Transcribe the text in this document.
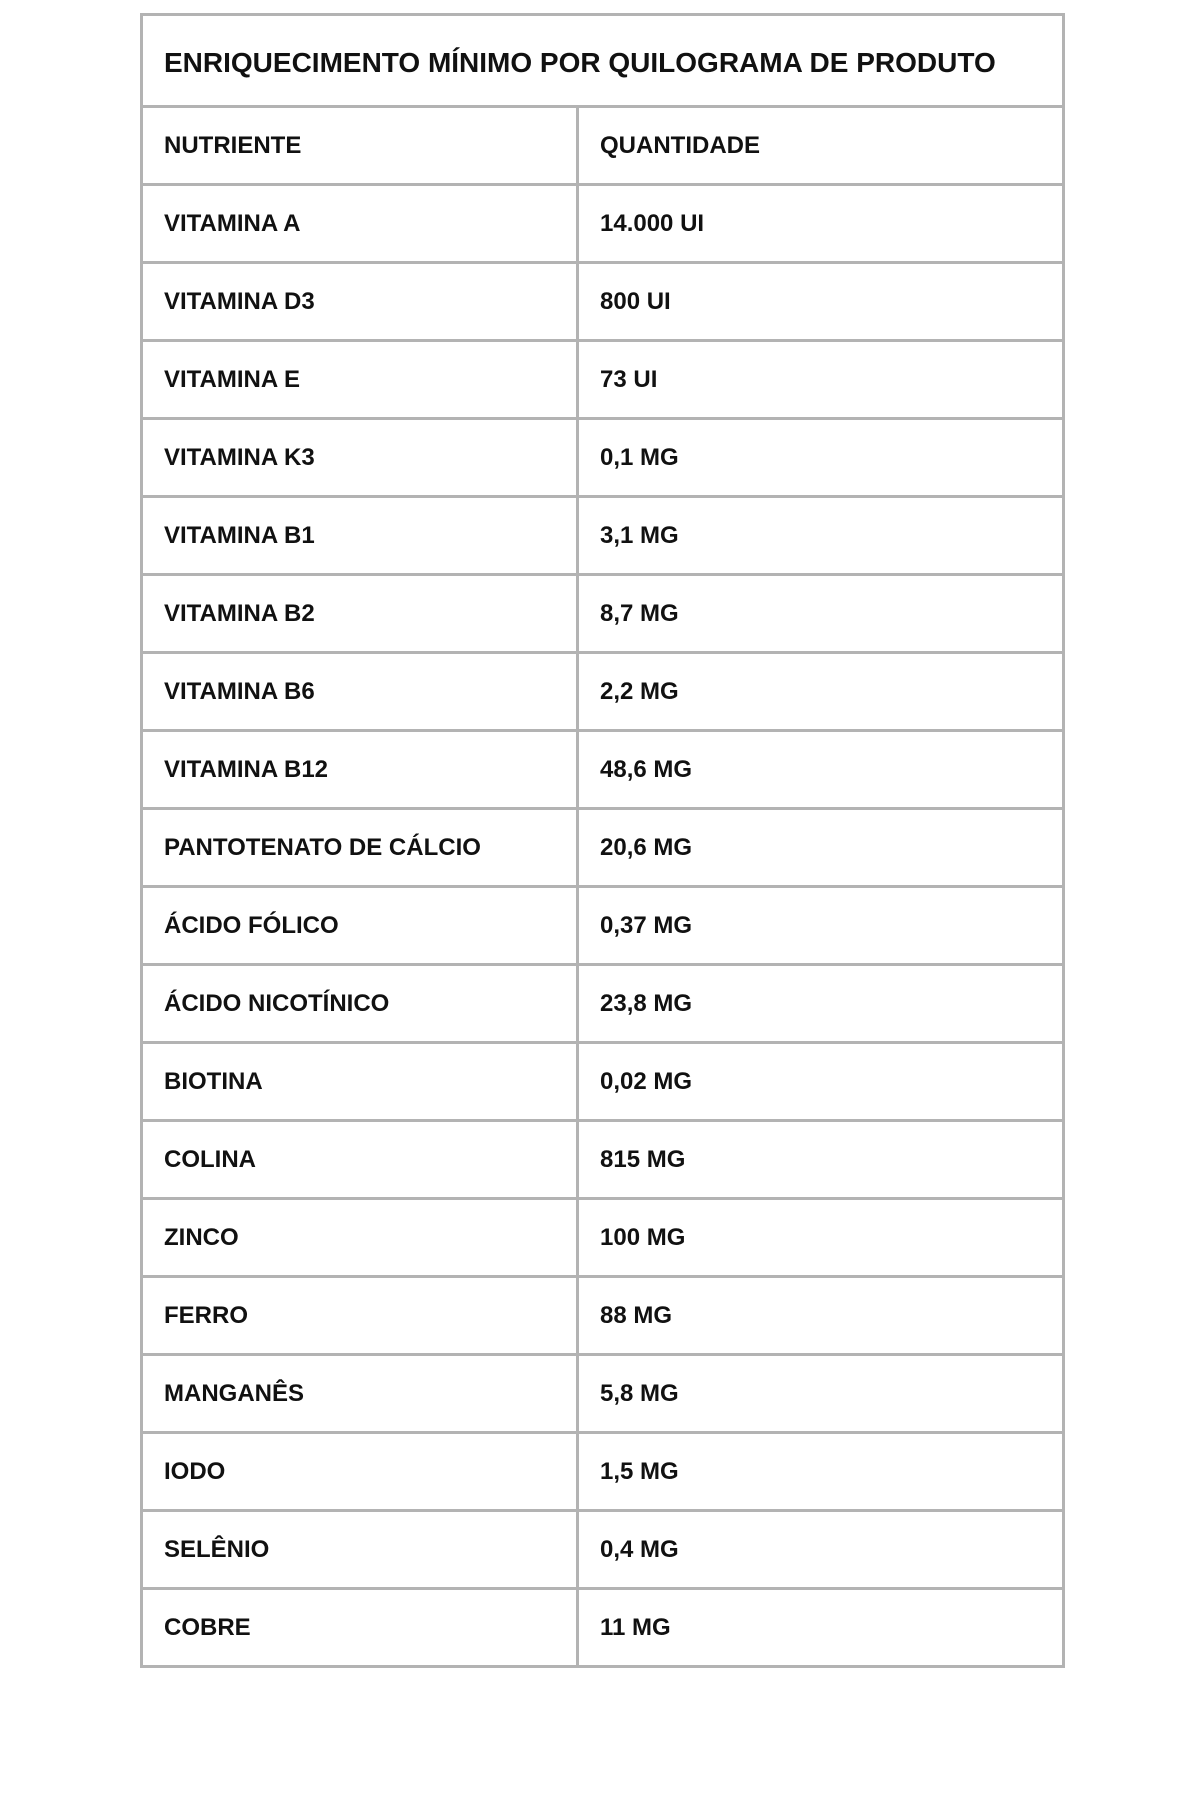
ENRIQUECIMENTO MÍNIMO POR QUILOGRAMA DE PRODUTO	
NUTRIENTE	QUANTIDADE
VITAMINA A	14.000 UI
VITAMINA D3	800 UI
VITAMINA E	73 UI
VITAMINA K3	0,1 MG
VITAMINA B1	3,1 MG
VITAMINA B2	8,7 MG
VITAMINA B6	2,2 MG
VITAMINA B12	48,6 MG
PANTOTENATO DE CÁLCIO	20,6 MG
ÁCIDO FÓLICO	0,37 MG
ÁCIDO NICOTÍNICO	23,8 MG
BIOTINA	0,02 MG
COLINA	815 MG
ZINCO	100 MG
FERRO	88 MG
MANGANÊS	5,8 MG
IODO	1,5 MG
SELÊNIO	0,4 MG
COBRE	11 MG
